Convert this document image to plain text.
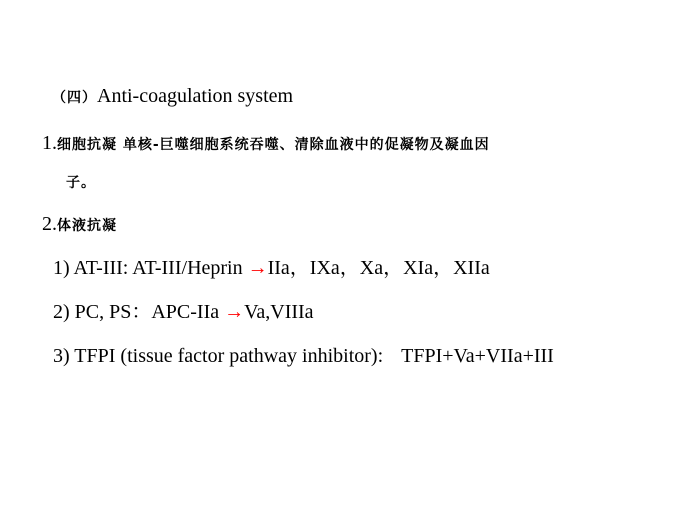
（四）Anti-coagulation system
1.细胞抗凝 单核-巨噬细胞系统吞噬、清除血液中的促凝物及凝血因
子。
2.体液抗凝
1) AT-III: AT-III/Heprin →IIa，IXa，Xa，XIa，XIIa
2) PC, PS：APC-IIa →Va,VIIIa
3) TFPI (tissue factor pathway inhibitor): TFPI+Va+VIIa+III
